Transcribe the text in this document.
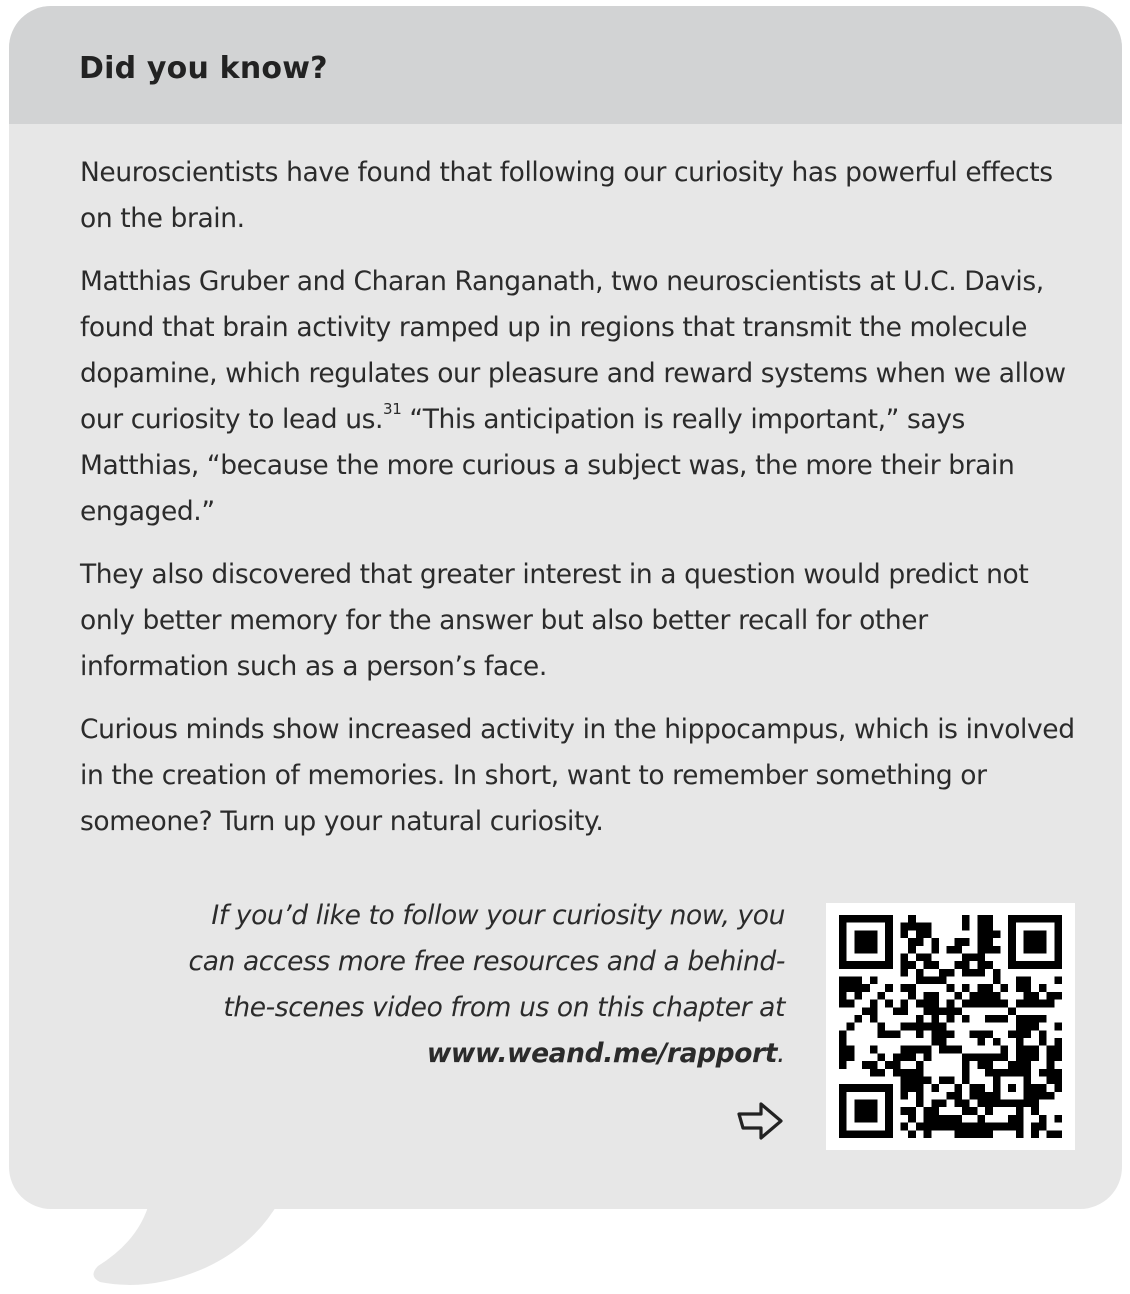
Did you know?

Neuroscientists have found that following our curiosity has powerful effects on the brain.

Matthias Gruber and Charan Ranganath, two neuroscientists at U.C. Davis, found that brain activity ramped up in regions that transmit the molecule dopamine, which regulates our pleasure and reward systems when we allow our curiosity to lead us.$^{31}$ “This anticipation is really important,” says Matthias, “because the more curious a subject was, the more their brain engaged.”

They also discovered that greater interest in a question would predict not only better memory for the answer but also better recall for other information such as a person’s face.

Curious minds show increased activity in the hippocampus, which is involved in the creation of memories. In short, want to remember something or someone? Turn up your natural curiosity.

If you’d like to follow your curiosity now, you can access more free resources and a behind-the-scenes video from us on this chapter at www.weand.me/rapport.
